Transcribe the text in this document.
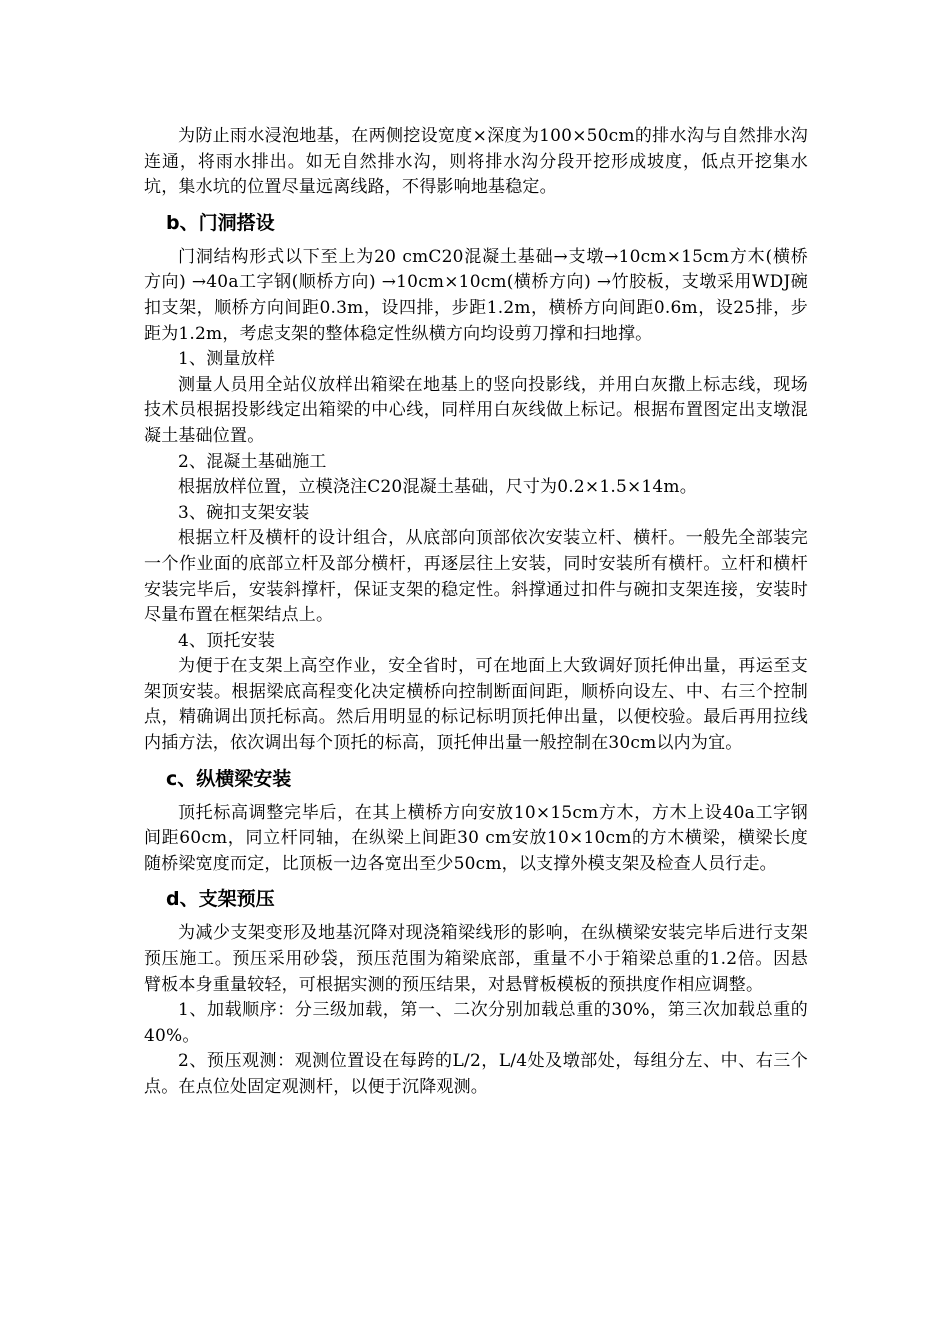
为防止雨水浸泡地基，在两侧挖设宽度×深度为100×50cm的排水沟与自然排水沟连通，将雨水排出。如无自然排水沟，则将排水沟分段开挖形成坡度，低点开挖集水坑，集水坑的位置尽量远离线路，不得影响地基稳定。

b、门洞搭设

门洞结构形式以下至上为20 cmC20混凝土基础→支墩→10cm×15cm方木(横桥方向) →40a工字钢(顺桥方向) →10cm×10cm(横桥方向) →竹胶板，支墩采用WDJ碗扣支架，顺桥方向间距0.3m，设四排，步距1.2m，横桥方向间距0.6m，设25排，步距为1.2m，考虑支架的整体稳定性纵横方向均设剪刀撑和扫地撑。

1、测量放样

测量人员用全站仪放样出箱梁在地基上的竖向投影线，并用白灰撒上标志线，现场技术员根据投影线定出箱梁的中心线，同样用白灰线做上标记。根据布置图定出支墩混凝土基础位置。

2、混凝土基础施工

根据放样位置，立模浇注C20混凝土基础，尺寸为0.2×1.5×14m。

3、碗扣支架安装

根据立杆及横杆的设计组合，从底部向顶部依次安装立杆、横杆。一般先全部装完一个作业面的底部立杆及部分横杆，再逐层往上安装，同时安装所有横杆。立杆和横杆安装完毕后，安装斜撑杆，保证支架的稳定性。斜撑通过扣件与碗扣支架连接，安装时尽量布置在框架结点上。

4、顶托安装

为便于在支架上高空作业，安全省时，可在地面上大致调好顶托伸出量，再运至支架顶安装。根据梁底高程变化决定横桥向控制断面间距，顺桥向设左、中、右三个控制点，精确调出顶托标高。然后用明显的标记标明顶托伸出量，以便校验。最后再用拉线内插方法，依次调出每个顶托的标高，顶托伸出量一般控制在30cm以内为宜。

c、纵横梁安装

顶托标高调整完毕后，在其上横桥方向安放10×15cm方木，方木上设40a工字钢间距60cm，同立杆同轴，在纵梁上间距30 cm安放10×10cm的方木横梁，横梁长度随桥梁宽度而定，比顶板一边各宽出至少50cm，以支撑外模支架及检查人员行走。

d、支架预压

为减少支架变形及地基沉降对现浇箱梁线形的影响，在纵横梁安装完毕后进行支架预压施工。预压采用砂袋，预压范围为箱梁底部，重量不小于箱梁总重的1.2倍。因悬臂板本身重量较轻，可根据实测的预压结果，对悬臂板模板的预拱度作相应调整。

1、加载顺序：分三级加载，第一、二次分别加载总重的30%，第三次加载总重的40%。

2、预压观测：观测位置设在每跨的L/2，L/4处及墩部处，每组分左、中、右三个点。在点位处固定观测杆，以便于沉降观测。
